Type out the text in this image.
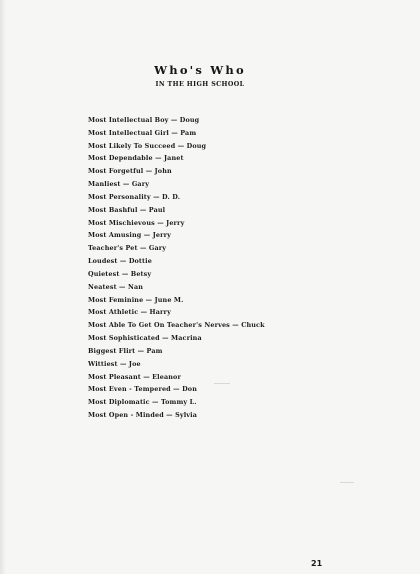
Who's Who
IN THE HIGH SCHOOL
Most Intellectual Boy — Doug
Most Intellectual Girl — Pam
Most Likely To Succeed — Doug
Most Dependable — Janet
Most Forgetful — John
Manliest — Gary
Most Personality — D. D.
Most Bashful — Paul
Most Mischievous — Jerry
Most Amusing — Jerry
Teacher's Pet — Gary
Loudest — Dottie
Quietest — Betsy
Neatest — Nan
Most Feminine — June M.
Most Athletic — Harry
Most Able To Get On Teacher's Nerves — Chuck
Most Sophisticated — Macrina
Biggest Flirt — Pam
Wittiest — Joe
Most Pleasant — Eleanor
Most Even - Tempered — Don
Most Diplomatic — Tommy L.
Most Open - Minded — Sylvia
21
